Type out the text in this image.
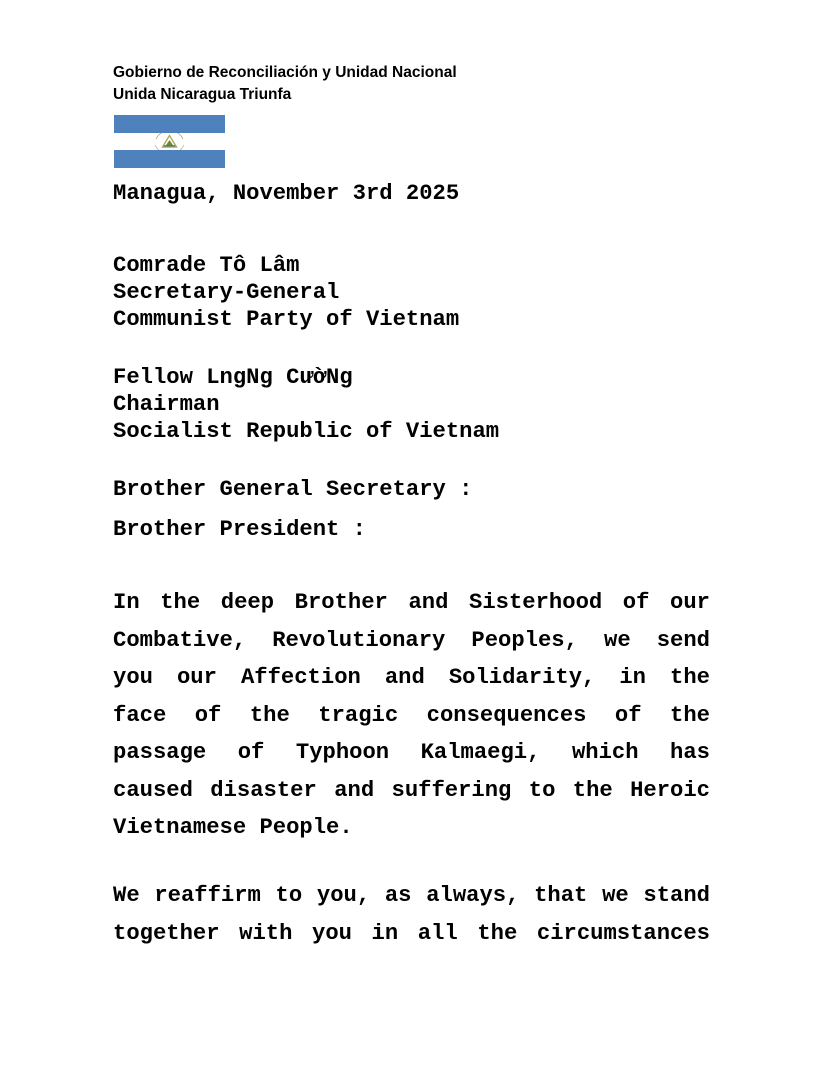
Gobierno de Reconciliación y Unidad Nacional
Unida Nicaragua Triunfa
Managua, November 3rd 2025
Comrade Tô Lâm
Secretary-General
Communist Party of Vietnam
Fellow LngNg CườNg
Chairman
Socialist Republic of Vietnam
Brother General Secretary :
Brother President :
In the deep Brother and Sisterhood of our
Combative, Revolutionary Peoples, we send
you our Affection and Solidarity, in the
face of the tragic consequences of the
passage of Typhoon Kalmaegi, which has
caused disaster and suffering to the Heroic
Vietnamese People.
We reaffirm to you, as always, that we stand
together with you in all the circumstances
